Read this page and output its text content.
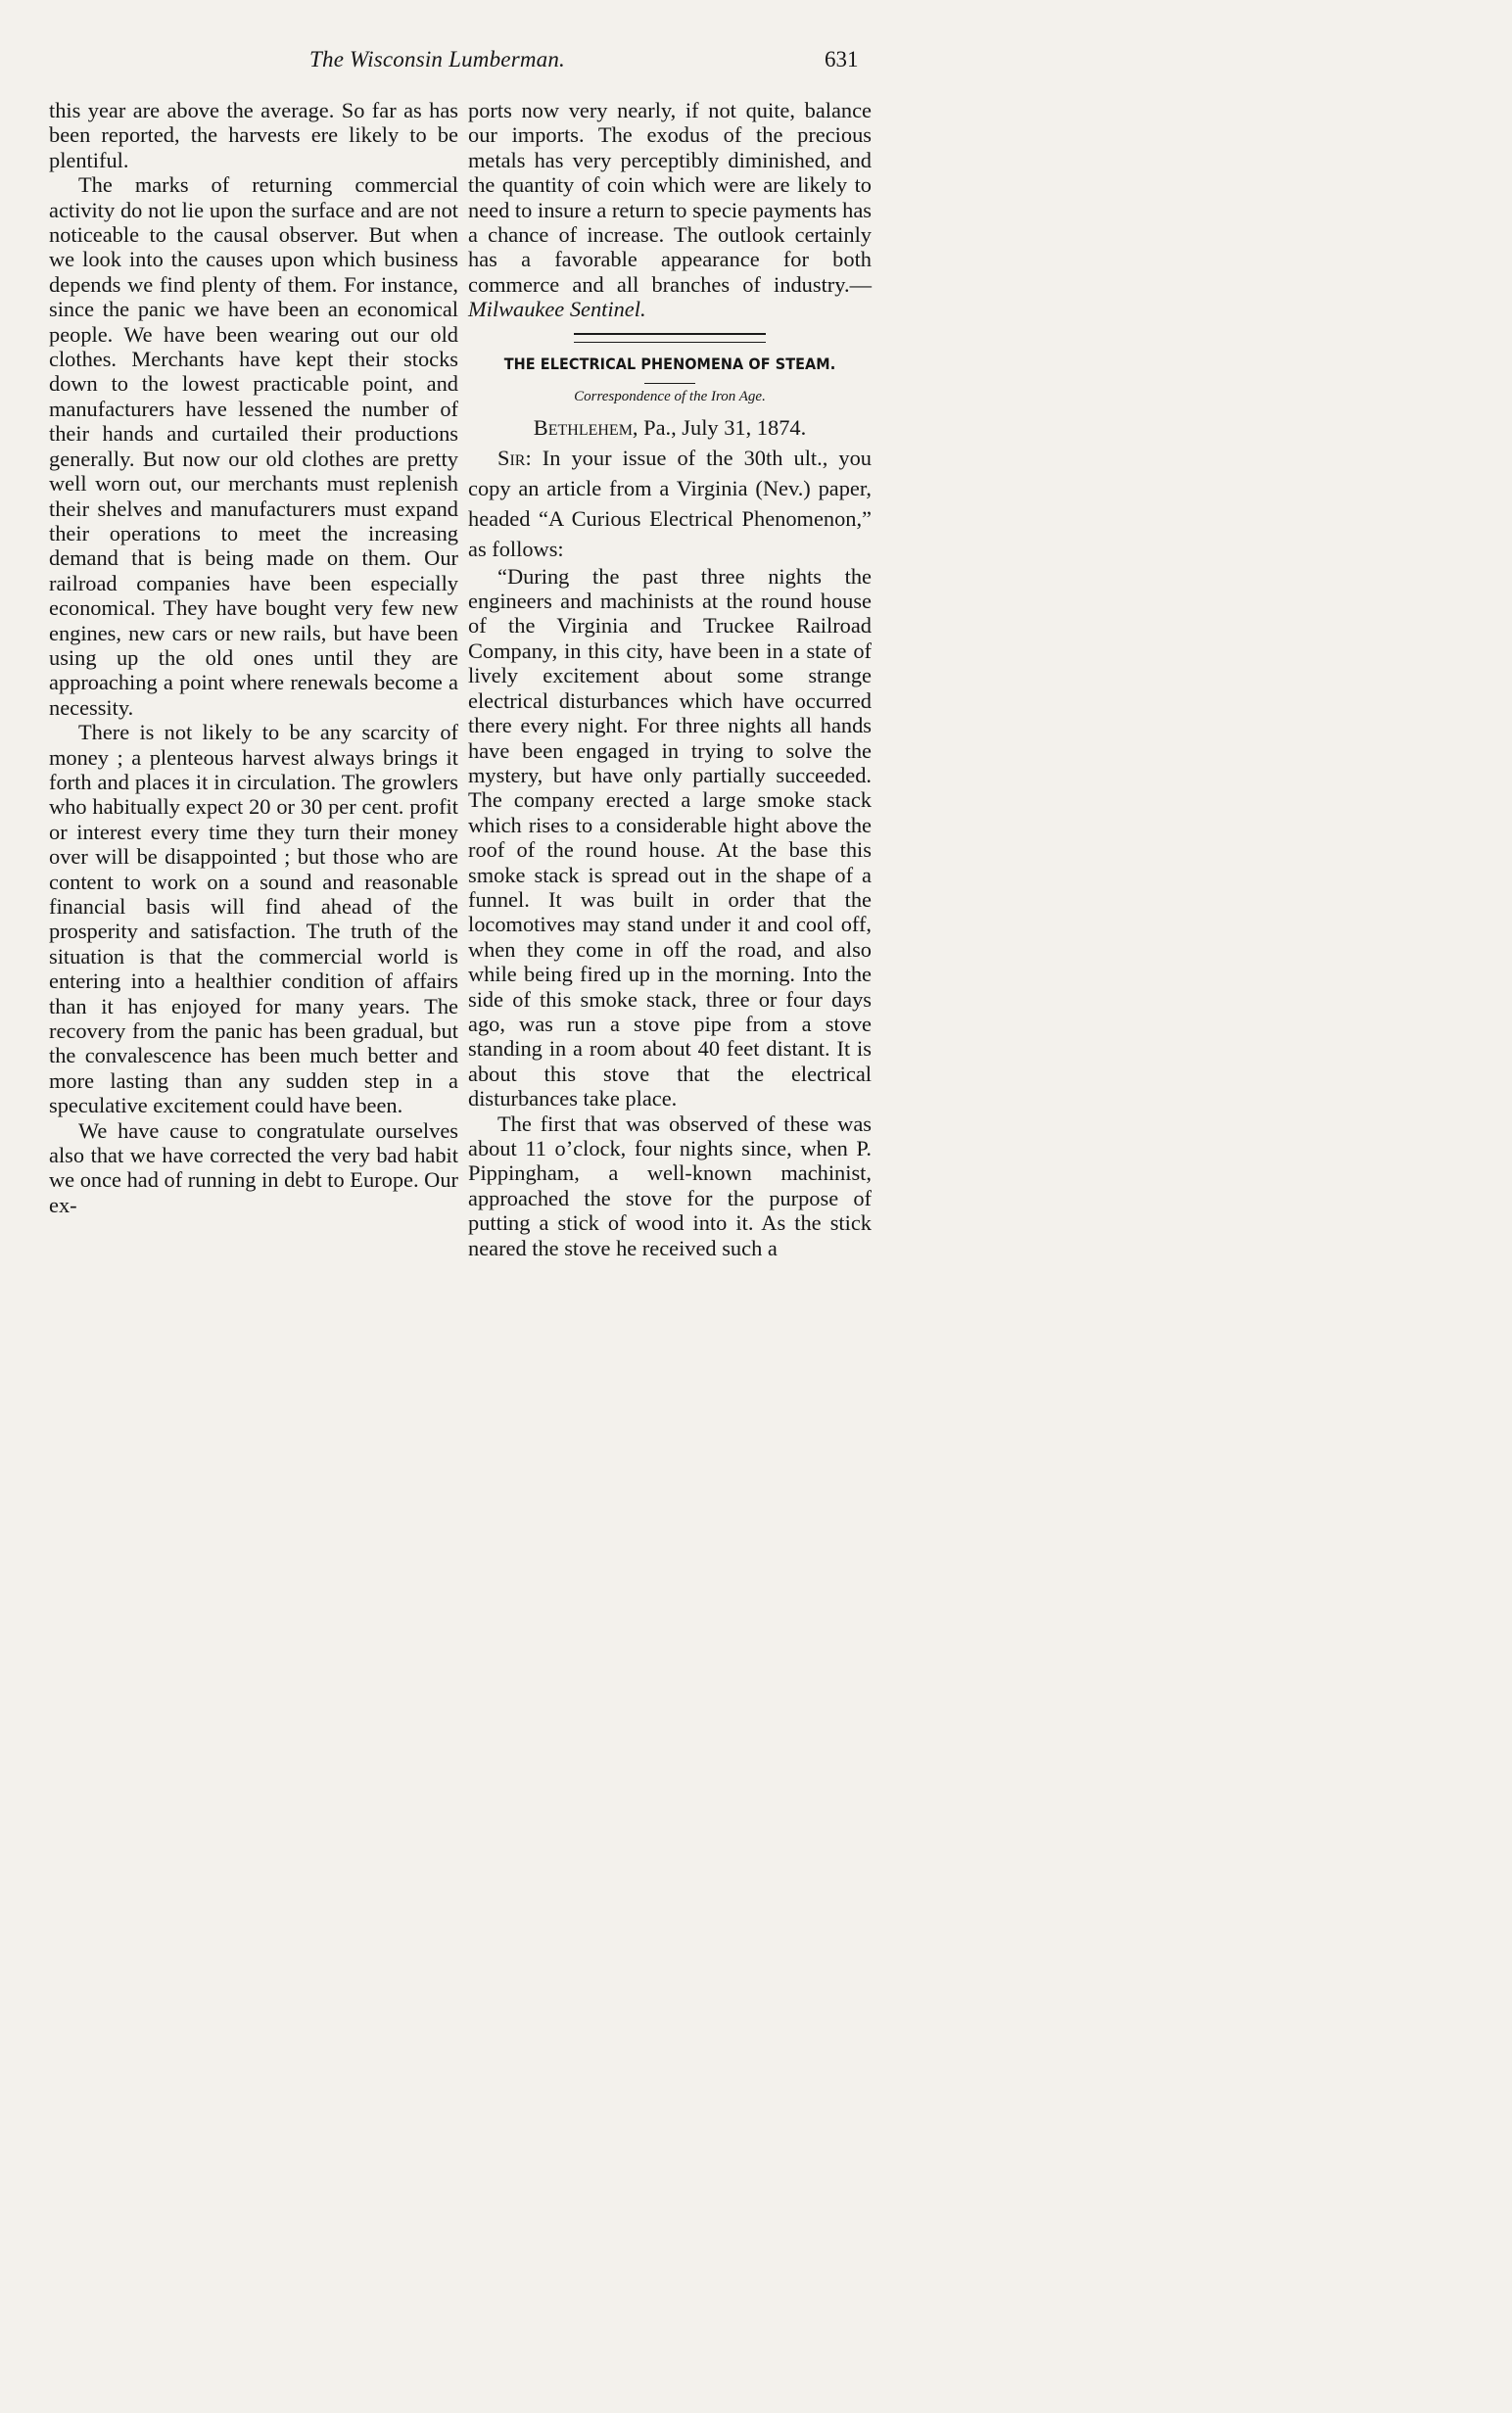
The Wisconsin Lumberman.	631

this year are above the average. So far as has been reported, the harvests ere likely to be plentiful.

The marks of returning commercial activity do not lie upon the surface and are not noticeable to the causal observer. But when we look into the causes upon which business depends we find plenty of them. For instance, since the panic we have been an economical people. We have been wearing out our old clothes. Merchants have kept their stocks down to the lowest practicable point, and manufacturers have lessened the number of their hands and curtailed their productions generally. But now our old clothes are pretty well worn out, our merchants must replenish their shelves and manufacturers must expand their operations to meet the increasing demand that is being made on them. Our railroad companies have been especially economical. They have bought very few new engines, new cars or new rails, but have been using up the old ones until they are approaching a point where renewals become a necessity.

There is not likely to be any scarcity of money ; a plenteous harvest always brings it forth and places it in circulation. The growlers who habitually expect 20 or 30 per cent. profit or interest every time they turn their money over will be disappointed ; but those who are content to work on a sound and reasonable financial basis will find ahead of the prosperity and satisfaction. The truth of the situation is that the commercial world is entering into a healthier condition of affairs than it has enjoyed for many years. The recovery from the panic has been gradual, but the convalescence has been much better and more lasting than any sudden step in a speculative excitement could have been.

We have cause to congratulate ourselves also that we have corrected the very bad habit we once had of running in debt to Europe. Our ex-

ports now very nearly, if not quite, balance our imports. The exodus of the precious metals has very perceptibly diminished, and the quantity of coin which were are likely to need to insure a return to specie payments has a chance of increase. The outlook certainly has a favorable appearance for both commerce and all branches of industry.—Milwaukee Sentinel.

THE ELECTRICAL PHENOMENA OF STEAM.
Correspondence of the Iron Age.
Bethlehem, Pa., July 31, 1874.

Sir: In your issue of the 30th ult., you copy an article from a Virginia (Nev.) paper, headed “A Curious Electrical Phenomenon,” as follows:

“During the past three nights the engineers and machinists at the round house of the Virginia and Truckee Railroad Company, in this city, have been in a state of lively excitement about some strange electrical disturbances which have occurred there every night. For three nights all hands have been engaged in trying to solve the mystery, but have only partially succeeded. The company erected a large smoke stack which rises to a considerable hight above the roof of the round house. At the base this smoke stack is spread out in the shape of a funnel. It was built in order that the locomotives may stand under it and cool off, when they come in off the road, and also while being fired up in the morning. Into the side of this smoke stack, three or four days ago, was run a stove pipe from a stove standing in a room about 40 feet distant. It is about this stove that the electrical disturbances take place.

The first that was observed of these was about 11 o’clock, four nights since, when P. Pippingham, a well-known machinist, approached the stove for the purpose of putting a stick of wood into it. As the stick neared the stove he received such a
